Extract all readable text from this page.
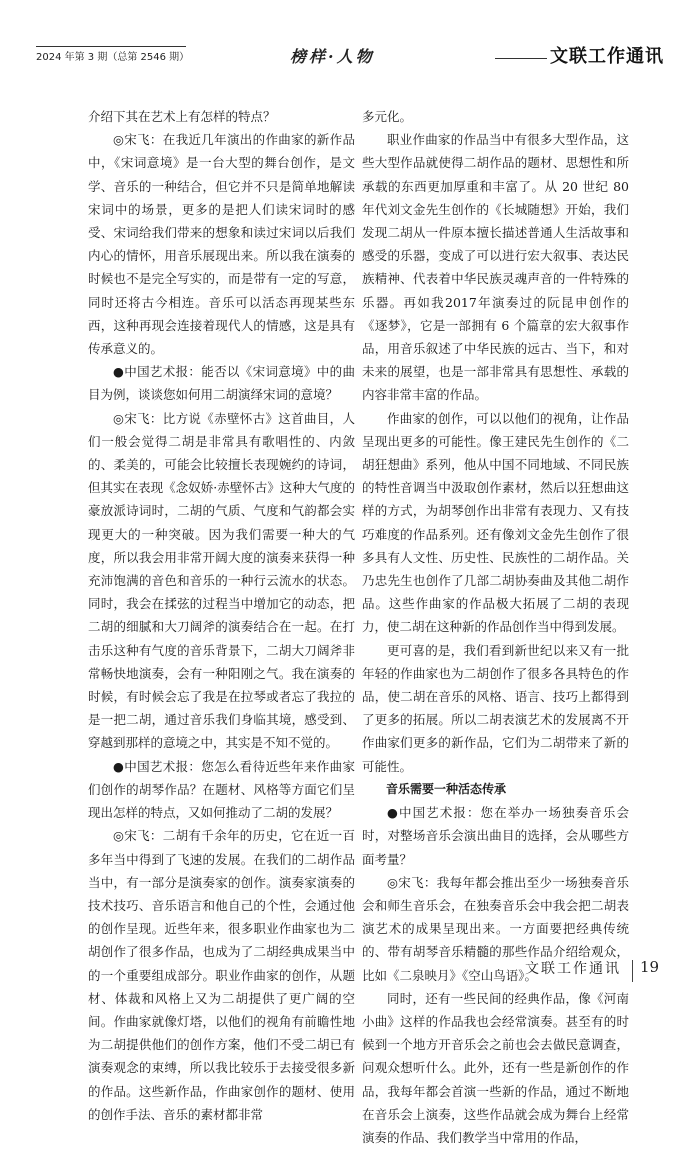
2024 年第 3 期（总第 2546 期）	榜样·人物	文联工作通讯

介绍下其在艺术上有怎样的特点？

◎宋飞：在我近几年演出的作曲家的新作品中，《宋词意境》是一台大型的舞台创作，是文学、音乐的一种结合，但它并不只是简单地解读宋词中的场景，更多的是把人们读宋词时的感受、宋词给我们带来的想象和读过宋词以后我们内心的情怀，用音乐展现出来。所以我在演奏的时候也不是完全写实的，而是带有一定的写意，同时还将古今相连。音乐可以活态再现某些东西，这种再现会连接着现代人的情感，这是具有传承意义的。

●中国艺术报：能否以《宋词意境》中的曲目为例，谈谈您如何用二胡演绎宋词的意境？

◎宋飞：比方说《赤壁怀古》这首曲目，人们一般会觉得二胡是非常具有歌唱性的、内敛的、柔美的，可能会比较擅长表现婉约的诗词，但其实在表现《念奴娇·赤壁怀古》这种大气度的豪放派诗词时，二胡的气质、气度和气韵都会实现更大的一种突破。因为我们需要一种大的气度，所以我会用非常开阔大度的演奏来获得一种充沛饱满的音色和音乐的一种行云流水的状态。同时，我会在揉弦的过程当中增加它的动态，把二胡的细腻和大刀阔斧的演奏结合在一起。在打击乐这种有气度的音乐背景下，二胡大刀阔斧非常畅快地演奏，会有一种阳刚之气。我在演奏的时候，有时候会忘了我是在拉琴或者忘了我拉的是一把二胡，通过音乐我们身临其境，感受到、穿越到那样的意境之中，其实是不知不觉的。

●中国艺术报：您怎么看待近些年来作曲家们创作的胡琴作品？在题材、风格等方面它们呈现出怎样的特点，又如何推动了二胡的发展？

◎宋飞：二胡有千余年的历史，它在近一百多年当中得到了飞速的发展。在我们的二胡作品当中，有一部分是演奏家的创作。演奏家演奏的技术技巧、音乐语言和他自己的个性，会通过他的创作呈现。近些年来，很多职业作曲家也为二胡创作了很多作品，也成为了二胡经典成果当中的一个重要组成部分。职业作曲家的创作，从题材、体裁和风格上又为二胡提供了更广阔的空间。作曲家就像灯塔，以他们的视角有前瞻性地为二胡提供他们的创作方案，他们不受二胡已有演奏观念的束缚，所以我比较乐于去接受很多新的作品。这些新作品，作曲家创作的题材、使用的创作手法、音乐的素材都非常

多元化。

职业作曲家的作品当中有很多大型作品，这些大型作品就使得二胡作品的题材、思想性和所承载的东西更加厚重和丰富了。从 20 世纪 80 年代刘文金先生创作的《长城随想》开始，我们发现二胡从一件原本擅长描述普通人生活故事和感受的乐器，变成了可以进行宏大叙事、表达民族精神、代表着中华民族灵魂声音的一件特殊的乐器。再如我2017年演奏过的阮昆申创作的《逐梦》，它是一部拥有 6 个篇章的宏大叙事作品，用音乐叙述了中华民族的远古、当下，和对未来的展望，也是一部非常具有思想性、承载的内容非常丰富的作品。

作曲家的创作，可以以他们的视角，让作品呈现出更多的可能性。像王建民先生创作的《二胡狂想曲》系列，他从中国不同地域、不同民族的特性音调当中汲取创作素材，然后以狂想曲这样的方式，为胡琴创作出非常有表现力、又有技巧难度的作品系列。还有像刘文金先生创作了很多具有人文性、历史性、民族性的二胡作品。关乃忠先生也创作了几部二胡协奏曲及其他二胡作品。这些作曲家的作品极大拓展了二胡的表现力，使二胡在这种新的作品创作当中得到发展。

更可喜的是，我们看到新世纪以来又有一批年轻的作曲家也为二胡创作了很多各具特色的作品，使二胡在音乐的风格、语言、技巧上都得到了更多的拓展。所以二胡表演艺术的发展离不开作曲家们更多的新作品，它们为二胡带来了新的可能性。

音乐需要一种活态传承

●中国艺术报：您在举办一场独奏音乐会时，对整场音乐会演出曲目的选择，会从哪些方面考量？

◎宋飞：我每年都会推出至少一场独奏音乐会和师生音乐会，在独奏音乐会中我会把二胡表演艺术的成果呈现出来。一方面要把经典传统的、带有胡琴音乐精髓的那些作品介绍给观众，比如《二泉映月》《空山鸟语》。

同时，还有一些民间的经典作品，像《河南小曲》这样的作品我也会经常演奏。甚至有的时候到一个地方开音乐会之前也会去做民意调查，问观众想听什么。此外，还有一些是新创作的作品，我每年都会首演一些新的作品，通过不断地在音乐会上演奏，这些作品就会成为舞台上经常演奏的作品、我们教学当中常用的作品，

文联工作通讯 19
